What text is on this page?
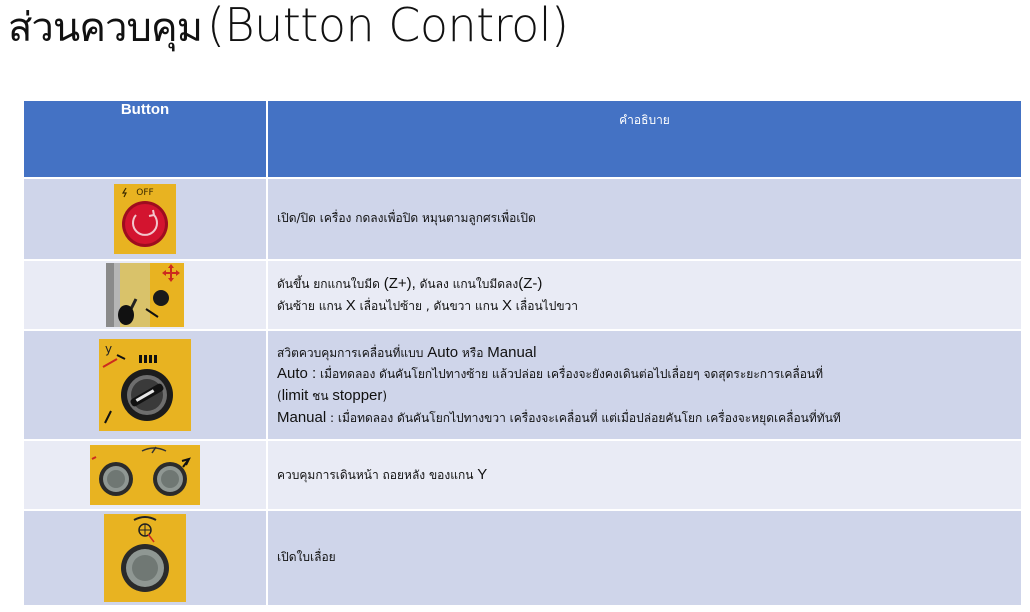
ส่วนควบคุม (Button Control)
Button	คำอธิบาย

OFF	เปิด/ปิด เครื่อง กดลงเพื่อปิด หมุนตามลูกศรเพื่อเปิด

ดันขึ้น ยกแกนใบมีด (Z+), ดันลง แกนใบมีดลง(Z-)
ดันซ้าย แกน X เลื่อนไปซ้าย , ดันขวา แกน X เลื่อนไปขวา

y	สวิตควบคุมการเคลื่อนที่แบบ Auto หรือ Manual
Auto : เมื่อทดลอง ดันคันโยกไปทางซ้าย แล้วปล่อย เครื่องจะยังคงเดินต่อไปเลื่อยๆ จดสุดระยะการเคลื่อนที่
(limit ชน stopper)
Manual : เมื่อทดลอง ดันคันโยกไปทางขวา เครื่องจะเคลื่อนที่ แต่เมื่อปล่อยคันโยก เครื่องจะหยุดเคลื่อนที่ทันที

ควบคุมการเดินหน้า ถอยหลัง ของแกน Y

เปิดใบเลื่อย
